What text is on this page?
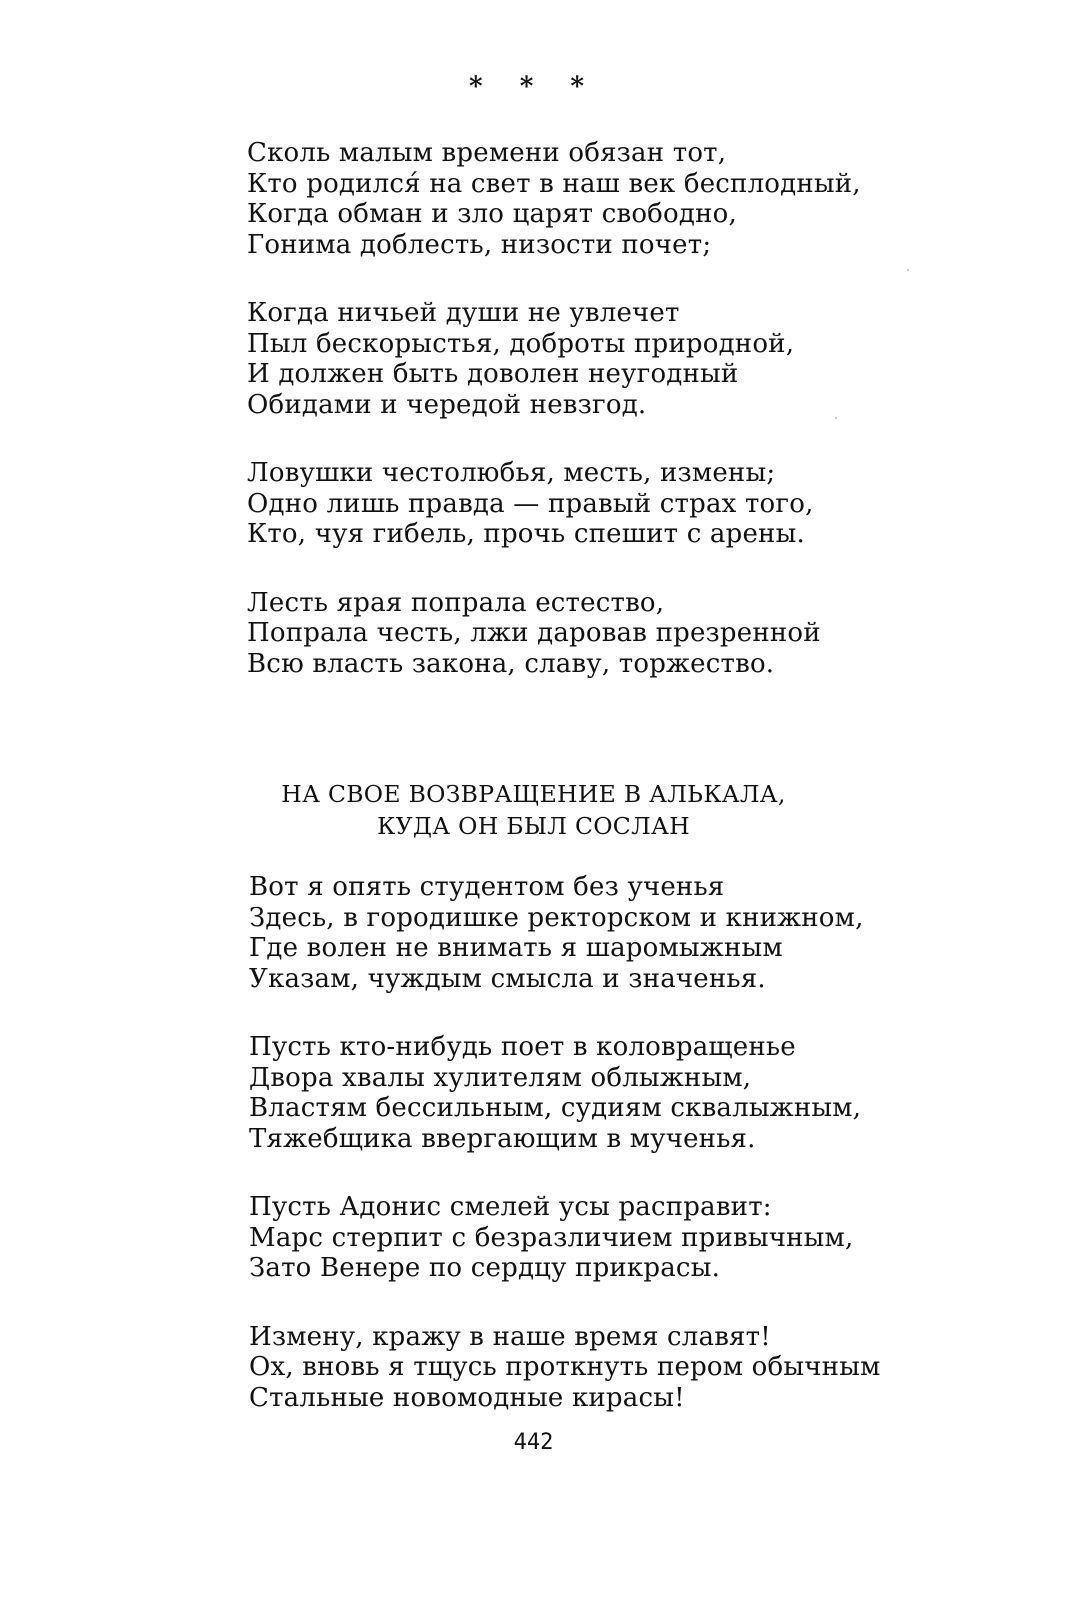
* * *
Сколь малым времени обязан тот,
Кто родился́ на свет в наш век бесплодный,
Когда обман и зло царят свободно,
Гонима доблесть, низости почет;
Когда ничьей души не увлечет
Пыл бескорыстья, доброты природной,
И должен быть доволен неугодный
Обидами и чередой невзгод.
Ловушки честолюбья, месть, измены;
Одно лишь правда — правый страх того,
Кто, чуя гибель, прочь спешит с арены.
Лесть ярая попрала естество,
Попрала честь, лжи даровав презренной
Всю власть закона, славу, торжество.
НА СВОЕ ВОЗВРАЩЕНИЕ В АЛЬКАЛА,
КУДА ОН БЫЛ СОСЛАН
Вот я опять студентом без ученья
Здесь, в городишке ректорском и книжном,
Где волен не внимать я шаромыжным
Указам, чуждым смысла и значенья.
Пусть кто-нибудь поет в коловращенье
Двора хвалы хулителям облыжным,
Властям бессильным, судиям сквалыжным,
Тяжебщика ввергающим в мученья.
Пусть Адонис смелей усы расправит:
Марс стерпит с безразличием привычным,
Зато Венере по сердцу прикрасы.
Измену, кражу в наше время славят!
Ох, вновь я тщусь проткнуть пером обычным
Стальные новомодные кирасы!
442
